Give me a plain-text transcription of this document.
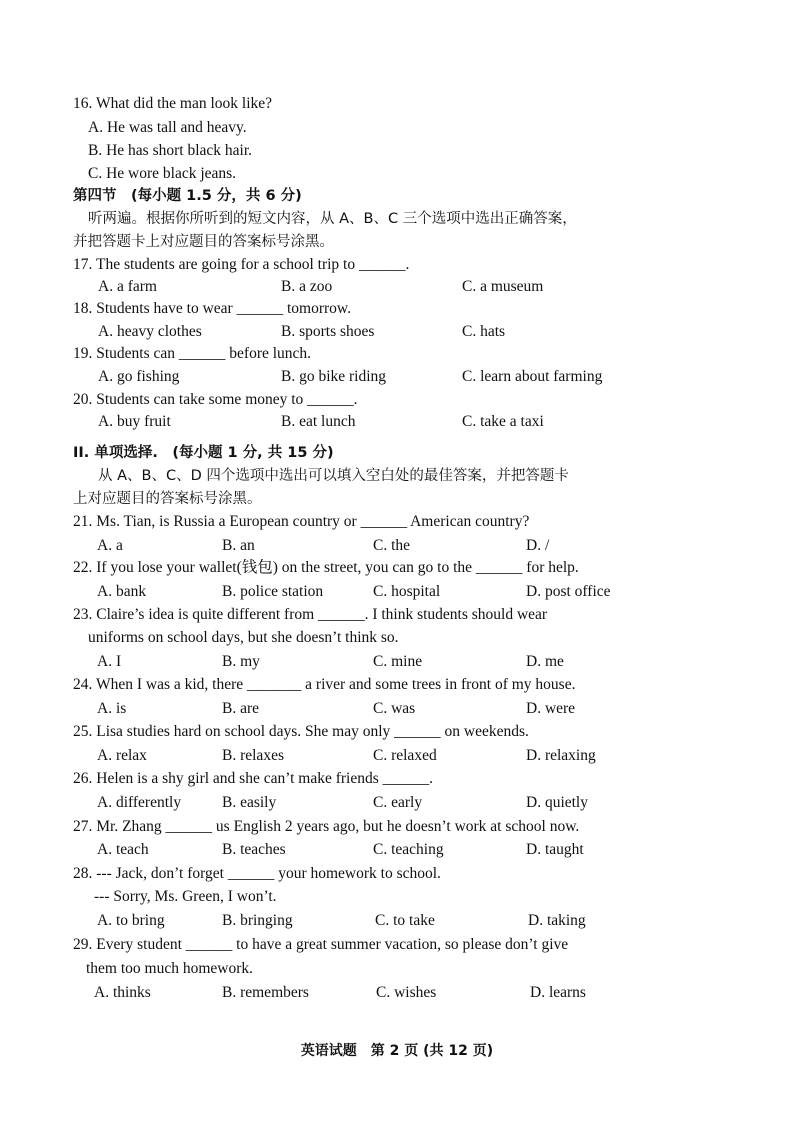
16. What did the man look like?
A. He was tall and heavy.
B. He has short black hair.
C. He wore black jeans.
第四节　(每小题 1.5 分，共 6 分)
听两遍。根据你所听到的短文内容，从 A、B、C 三个选项中选出正确答案，
并把答题卡上对应题目的答案标号涂黑。
17. The students are going for a school trip to ______.
A. a farm	B. a zoo	C. a museum
18. Students have to wear ______ tomorrow.
A. heavy clothes	B. sports shoes	C. hats
19. Students can ______ before lunch.
A. go fishing	B. go bike riding	C. learn about farming
20. Students can take some money to ______.
A. buy fruit	B. eat lunch	C. take a taxi
II. 单项选择.　(每小题 1 分, 共 15 分)
从 A、B、C、D 四个选项中选出可以填入空白处的最佳答案，并把答题卡
上对应题目的答案标号涂黑。
21. Ms. Tian, is Russia a European country or ______ American country?
A. a	B. an	C. the	D. /
22. If you lose your wallet(钱包) on the street, you can go to the ______ for help.
A. bank	B. police station	C. hospital	D. post office
23. Claire’s idea is quite different from ______. I think students should wear
uniforms on school days, but she doesn’t think so.
A. I	B. my	C. mine	D. me
24. When I was a kid, there _______ a river and some trees in front of my house.
A. is	B. are	C. was	D. were
25. Lisa studies hard on school days. She may only ______ on weekends.
A. relax	B. relaxes	C. relaxed	D. relaxing
26. Helen is a shy girl and she can’t make friends ______.
A. differently	B. easily	C. early	D. quietly
27. Mr. Zhang ______ us English 2 years ago, but he doesn’t work at school now.
A. teach	B. teaches	C. teaching	D. taught
28. --- Jack, don’t forget ______ your homework to school.
--- Sorry, Ms. Green, I won’t.
A. to bring	B. bringing	C. to take	D. taking
29. Every student ______ to have a great summer vacation, so please don’t give
them too much homework.
A. thinks	B. remembers	C. wishes	D. learns
英语试题　第 2 页 (共 12 页)
